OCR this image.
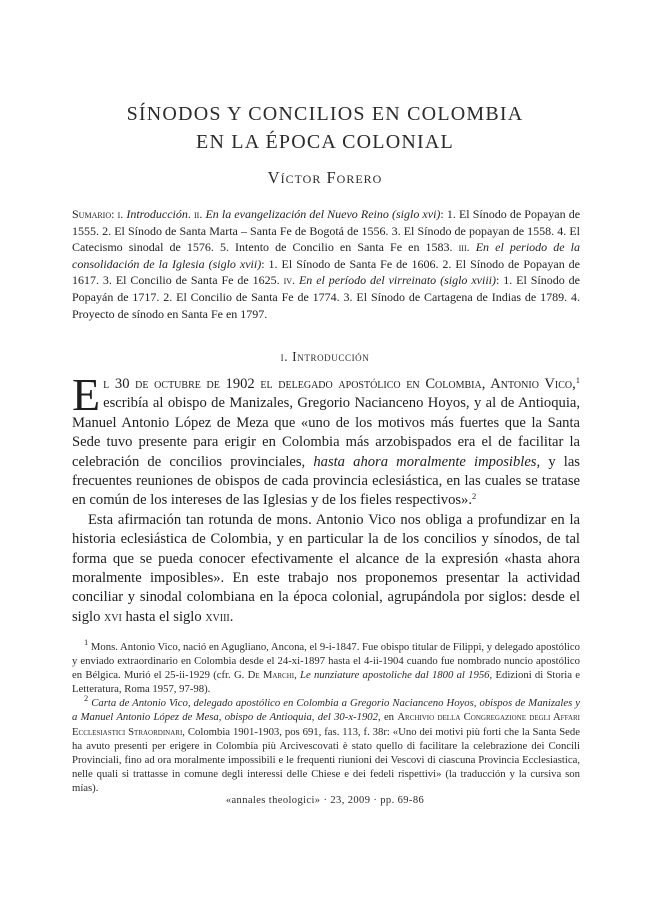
SÍNODOS Y CONCILIOS EN COLOMBIA
EN LA ÉPOCA COLONIAL
Víctor Forero
Sumario: i. Introducción. ii. En la evangelización del Nuevo Reino (siglo xvi): 1. El Sínodo de Popayan de 1555. 2. El Sínodo de Santa Marta – Santa Fe de Bogotá de 1556. 3. El Sínodo de popayan de 1558. 4. El Catecismo sinodal de 1576. 5. Intento de Concilio en Santa Fe en 1583. iii. En el periodo de la consolidación de la Iglesia (siglo xvii): 1. El Sínodo de Santa Fe de 1606. 2. El Sínodo de Popayan de 1617. 3. El Concilio de Santa Fe de 1625. iv. En el período del virreinato (siglo xviii): 1. El Sínodo de Popayán de 1717. 2. El Concilio de Santa Fe de 1774. 3. El Sínodo de Cartagena de Indias de 1789. 4. Proyecto de sínodo en Santa Fe en 1797.
i. Introducción

El 30 de octubre de 1902 el delegado apostólico en Colombia, Antonio Vico,$^1$ escribía al obispo de Manizales, Gregorio Nacianceno Hoyos, y al de Antioquia, Manuel Antonio López de Meza que «uno de los motivos más fuertes que la Santa Sede tuvo presente para erigir en Colombia más arzobispados era el de facilitar la celebración de concilios provinciales, hasta ahora moralmente imposibles, y las frecuentes reuniones de obispos de cada provincia eclesiástica, en las cuales se tratase en común de los intereses de las Iglesias y de los fieles respectivos».$^2$

Esta afirmación tan rotunda de mons. Antonio Vico nos obliga a profundizar en la historia eclesiástica de Colombia, y en particular la de los concilios y sínodos, de tal forma que se pueda conocer efectivamente el alcance de la expresión «hasta ahora moralmente imposibles». En este trabajo nos proponemos presentar la actividad conciliar y sinodal colombiana en la época colonial, agrupándola por siglos: desde el siglo xvi hasta el siglo xviii.

$^1$ Mons. Antonio Vico, nació en Agugliano, Ancona, el 9-i-1847. Fue obispo titular de Filippi, y delegado apostólico y enviado extraordinario en Colombia desde el 24-xi-1897 hasta el 4-ii-1904 cuando fue nombrado nuncio apostólico en Bélgica. Murió el 25-ii-1929 (cfr. G. De Marchi, Le nunziature apostoliche dal 1800 al 1956, Edizioni di Storia e Letteratura, Roma 1957, 97-98).

$^2$ Carta de Antonio Vico, delegado apostólico en Colombia a Gregorio Nacianceno Hoyos, obispos de Manizales y a Manuel Antonio López de Mesa, obispo de Antioquia, del 30-x-1902, en Archivio della Congregazione degli Affari Ecclesiastici Straordinari, Colombia 1901-1903, pos 691, fas. 113, f. 38r: «Uno dei motivi più forti che la Santa Sede ha avuto presenti per erigere in Colombia più Arcivescovati è stato quello di facilitare la celebrazione dei Concili Provinciali, fino ad ora moralmente impossibili e le frequenti riunioni dei Vescovi di ciascuna Provincia Ecclesiastica, nelle quali si trattasse in comune degli interessi delle Chiese e dei fedeli rispettivi» (la traducción y la cursiva son mías).

«annales theologici» · 23, 2009 · pp. 69-86
